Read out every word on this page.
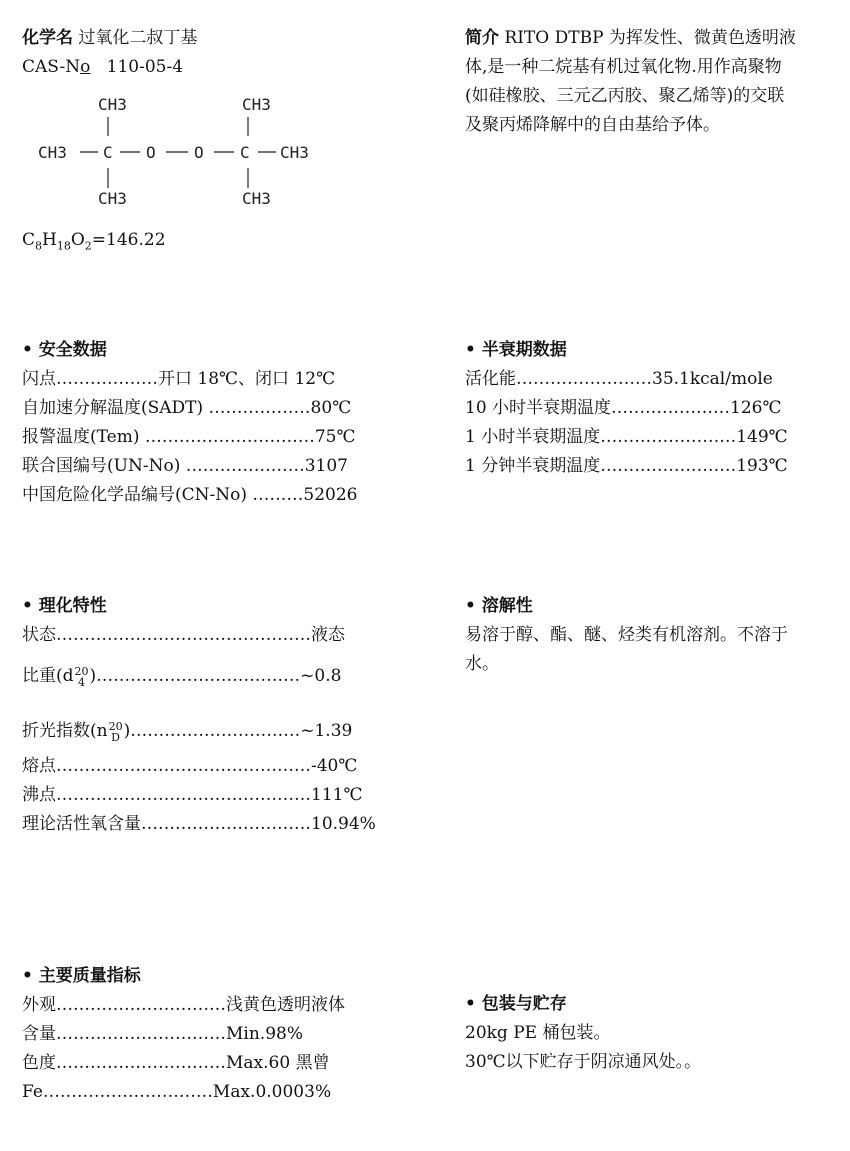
化学名 过氧化二叔丁基
CAS-No 110-05-4
CH3
CH3 C O O C CH3
CH3
CH3	CH3
$C_8H_{18}O_2=146.22$
简介 RITO DTBP 为挥发性、微黄色透明液
体,是一种二烷基有机过氧化物.用作高聚物
(如硅橡胶、三元乙丙胶、聚乙烯等)的交联
及聚丙烯降解中的自由基给予体。
• 安全数据
闪点………………开口 18℃、闭口 12℃
自加速分解温度(SADT) ………………80℃
报警温度(Tem) …………………………75℃
联合国编号(UN-No) …………………3107
中国危险化学品编号(CN-No) ………52026
• 半衰期数据
活化能……………………35.1kcal/mole
10 小时半衰期温度…………………126℃
1 小时半衰期温度……………………149℃
1 分钟半衰期温度……………………193℃
• 理化特性
状态………………………………………液态
比重(d 20
4 )………………………………~0.8
折光指数(n 20
D )…………………………~1.39
熔点………………………………………-40℃
沸点………………………………………111℃
理论活性氧含量…………………………10.94%
• 溶解性
易溶于醇、酯、醚、烃类有机溶剂。不溶于
水。
• 主要质量指标
外观…………………………浅黄色透明液体
含量…………………………Min.98%
色度…………………………Max.60 黑曾
Fe…………………………Max.0.0003%
• 包装与贮存
20kg PE 桶包装。
30℃以下贮存于阴凉通风处。。
